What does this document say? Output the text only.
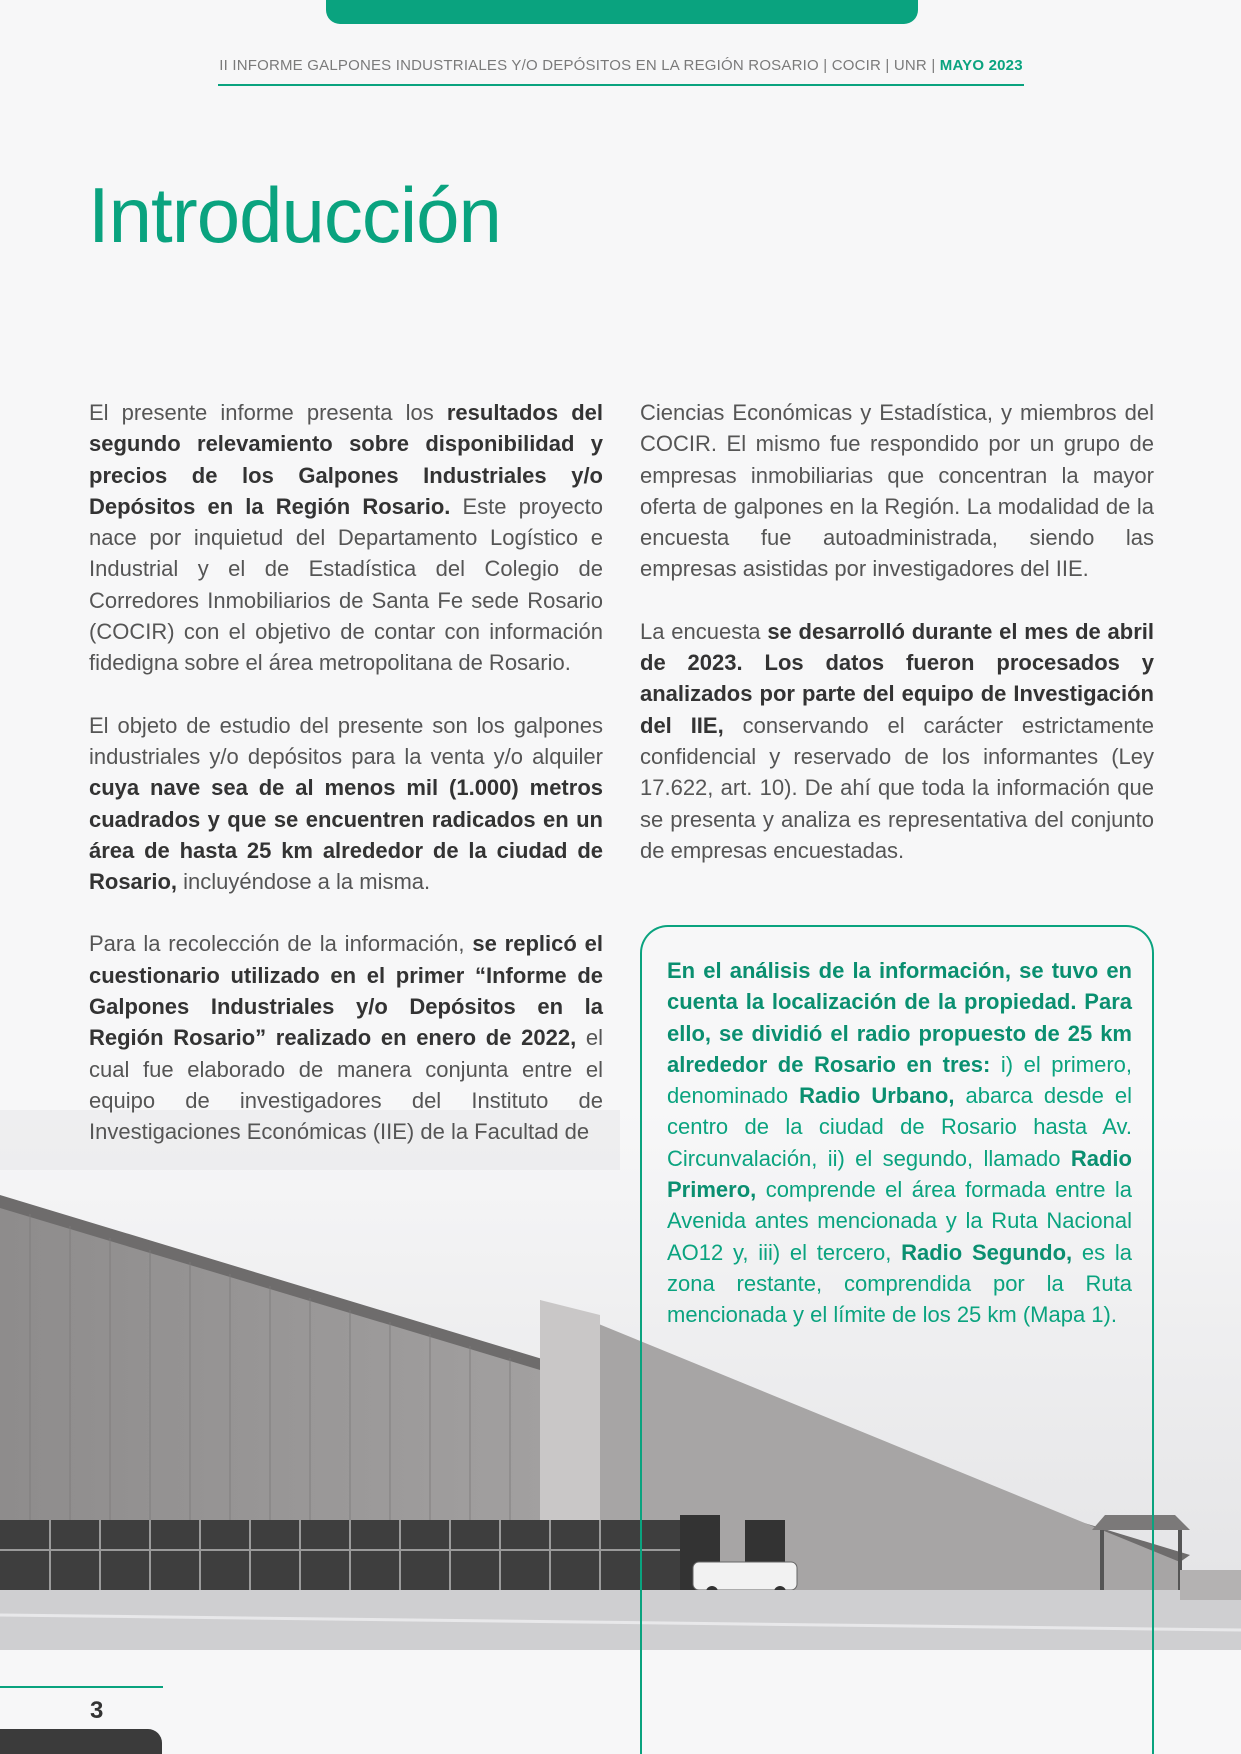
II INFORME GALPONES INDUSTRIALES Y/O DEPÓSITOS EN LA REGIÓN ROSARIO | COCIR | UNR | MAYO 2023
Introducción

El presente informe presenta los resultados del segundo relevamiento sobre disponibilidad y precios de los Galpones Industriales y/o Depósitos en la Región Rosario. Este proyecto nace por inquietud del Departamento Logístico e Industrial y el de Estadística del Colegio de Corredores Inmobiliarios de Santa Fe sede Rosario (COCIR) con el objetivo de contar con información fidedigna sobre el área metropolitana de Rosario.

El objeto de estudio del presente son los galpones industriales y/o depósitos para la venta y/o alquiler cuya nave sea de al menos mil (1.000) metros cuadrados y que se encuentren radicados en un área de hasta 25 km alrededor de la ciudad de Rosario, incluyéndose a la misma.

Para la recolección de la información, se replicó el cuestionario utilizado en el primer “Informe de Galpones Industriales y/o Depósitos en la Región Rosario” realizado en enero de 2022, el cual fue elaborado de manera conjunta entre el equipo de investigadores del Instituto de Investigaciones Económicas (IIE) de la Facultad de

Ciencias Económicas y Estadística, y miembros del COCIR. El mismo fue respondido por un grupo de empresas inmobiliarias que concentran la mayor oferta de galpones en la Región. La modalidad de la encuesta fue autoadministrada, siendo las empresas asistidas por investigadores del IIE.

La encuesta se desarrolló durante el mes de abril de 2023. Los datos fueron procesados y analizados por parte del equipo de Investigación del IIE, conservando el carácter estrictamente confidencial y reservado de los informantes (Ley 17.622, art. 10). De ahí que toda la información que se presenta y analiza es representativa del conjunto de empresas encuestadas.

En el análisis de la información, se tuvo en cuenta la localización de la propiedad. Para ello, se dividió el radio propuesto de 25 km alrededor de Rosario en tres: i) el primero, denominado Radio Urbano, abarca desde el centro de la ciudad de Rosario hasta Av. Circunvalación, ii) el segundo, llamado Radio Primero, comprende el área formada entre la Avenida antes mencionada y la Ruta Nacional AO12 y, iii) el tercero, Radio Segundo, es la zona restante, comprendida por la Ruta mencionada y el límite de los 25 km (Mapa 1).
3
